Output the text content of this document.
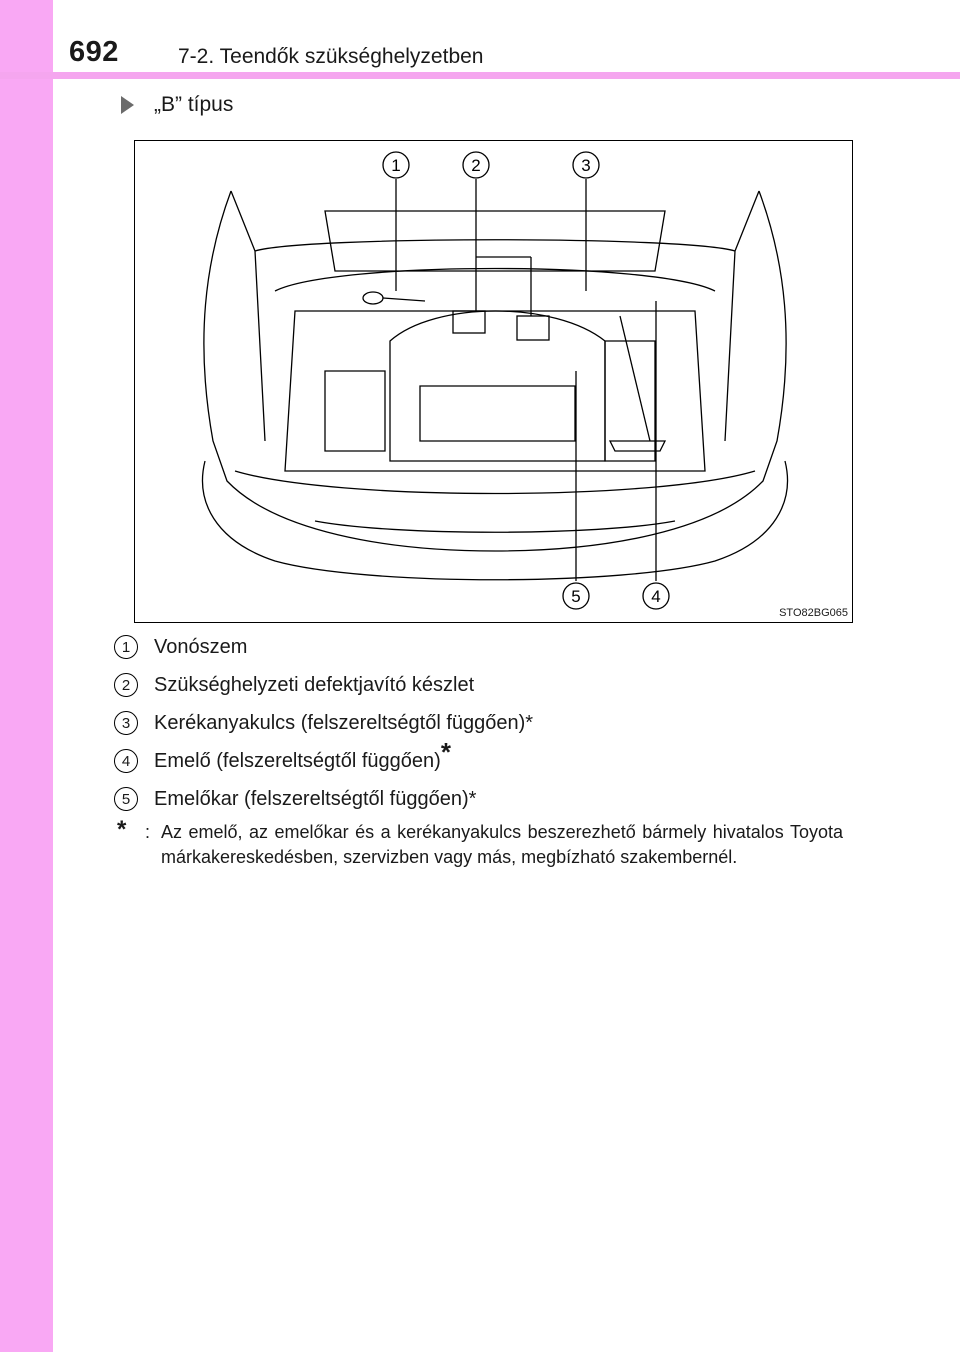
692	7-2. Teendők szükséghelyzetben
„B” típus
1	2	3
5	4
STO82BG065
1	Vonószem
2	Szükséghelyzeti defektjavító készlet
3	Kerékanyakulcs (felszereltségtől függően)*
4	Emelő (felszereltségtől függően)*
5	Emelőkar (felszereltségtől függően)*
*	: Az emelő, az emelőkar és a kerékanyakulcs beszerezhető bármely hivatalos Toyota márkakereskedésben, szervizben vagy más, megbízható szakembernél.
